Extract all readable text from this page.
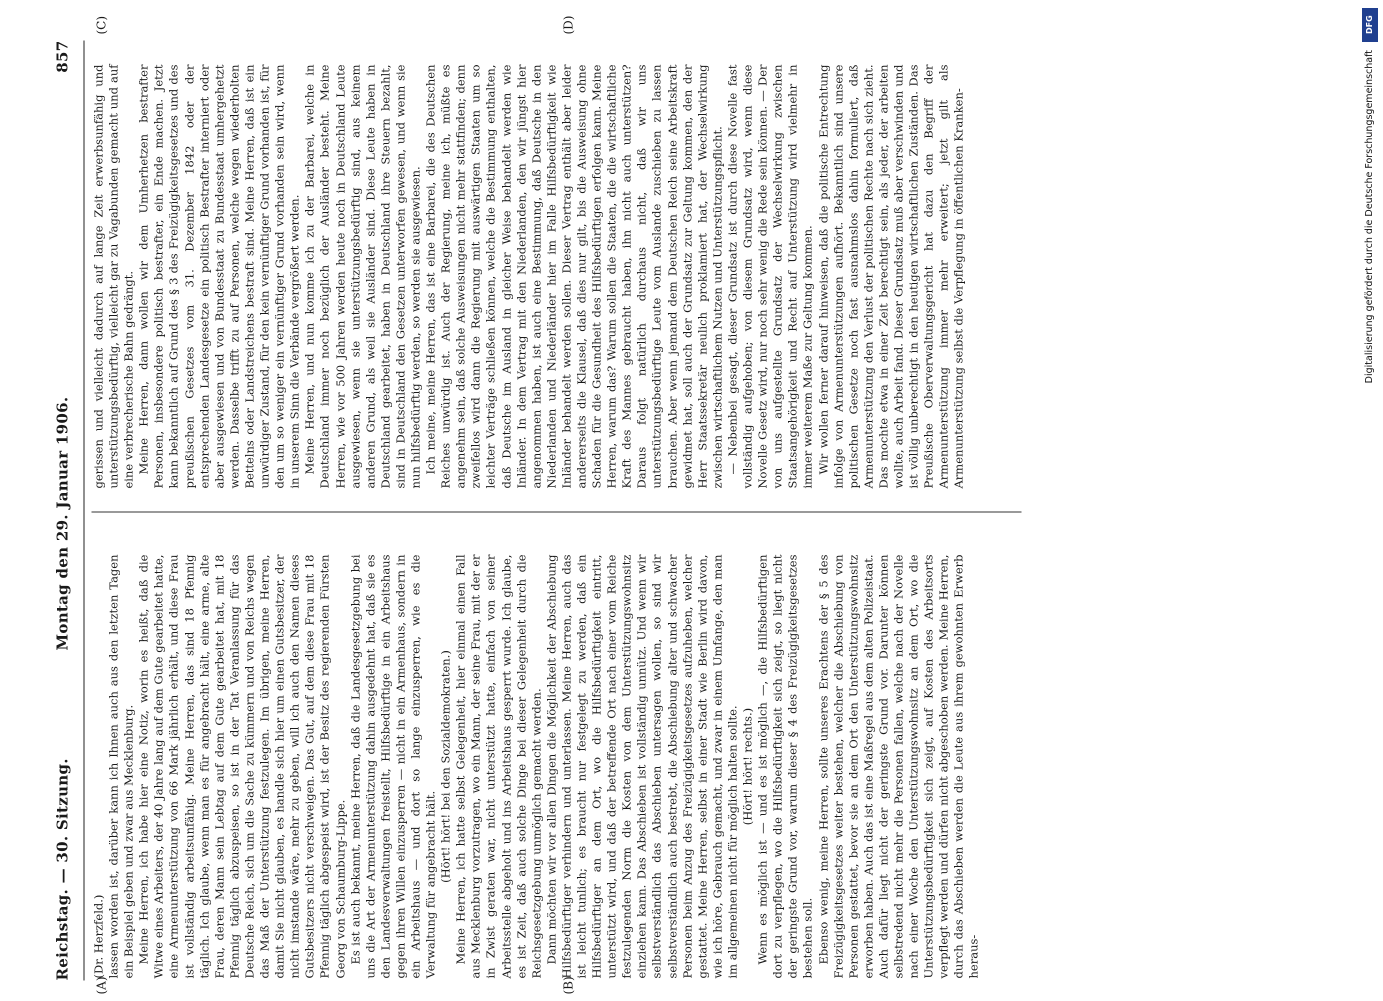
Reichstag. — 30. Sitzung.
Montag den 29. Januar 1906.
857
(A)	(B)
(C)	(D)

(Dr. Herzfeld.) lassen worden ist, darüber kann ich Ihnen auch aus den letzten Tagen ein Beispiel geben und zwar aus Mecklenburg. Meine Herren, ich habe hier eine Notiz, worin es heißt, daß die Witwe eines Arbeiters, der 40 Jahre lang auf dem Gute gearbeitet hatte, eine Armenunterstützung von 66 Mark jährlich erhält, und diese Frau ist vollständig arbeitsunfähig. Meine Herren, das sind 18 Pfennig täglich. Ich glaube, wenn man es für angebracht hält, eine arme, alte Frau, deren Mann sein Lebtag auf dem Gute gearbeitet hat, mit 18 Pfennig täglich abzuspeisen, so ist in der Tat Veranlassung für das Deutsche Reich, sich um die Sache zu kümmern und von Reichs wegen das Maß der Unterstützung festzulegen. Im übrigen, meine Herren, damit Sie nicht glauben, es handle sich hier um einen Gutsbesitzer, der nicht imstande wäre, mehr zu geben, will ich auch den Namen dieses Gutsbesitzers nicht verschweigen. Das Gut, auf dem diese Frau mit 18 Pfennig täglich abgespeist wird, ist der Besitz des regierenden Fürsten Georg von Schaumburg-Lippe. Es ist auch bekannt, meine Herren, daß die Landesgesetzgebung bei uns die Art der Armenunterstützung dahin ausgedehnt hat, daß sie es den Landesverwaltungen freistellt, Hilfsbedürftige in ein Arbeitshaus gegen ihren Willen einzusperren — nicht in ein Armenhaus, sondern in ein Arbeitshaus — und dort so lange einzusperren, wie es die Verwaltung für angebracht hält.

(Hört! hört! bei den Sozialdemokraten.) Meine Herren, ich hatte selbst Gelegenheit, hier einmal einen Fall aus Mecklenburg vorzutragen, wo ein Mann, der seine Frau, mit der er in Zwist geraten war, nicht unterstützt hatte, einfach von seiner Arbeitsstelle abgeholt und ins Arbeitshaus gesperrt wurde. Ich glaube, es ist Zeit, daß auch solche Dinge bei dieser Gelegenheit durch die Reichsgesetzgebung unmöglich gemacht werden. Dann möchten wir vor allen Dingen die Möglichkeit der Abschiebung Hilfsbedürftiger verhindern und unterlassen. Meine Herren, auch das ist leicht tunlich; es braucht nur festgelegt zu werden, daß ein Hilfsbedürftiger an dem Ort, wo die Hilfsbedürftigkeit eintritt, unterstützt wird, und daß der betreffende Ort nach einer vom Reiche festzulegenden Norm die Kosten von dem Unterstützungswohnsitz einziehen kann. Das Abschieben ist vollständig unnütz. Und wenn wir selbstverständlich das Abschieben untersagen wollen, so sind wir selbstverständlich auch bestrebt, die Abschiebung alter und schwacher Personen beim Anzug des Freizügigkeitsgesetzes aufzuheben, welcher gestattet. Meine Herren, selbst in einer Stadt wie Berlin wird davon, wie ich höre, Gebrauch gemacht, und zwar in einem Umfange, den man im allgemeinen nicht für möglich halten sollte. (Hört! hört! rechts.) Wenn es möglich ist — und es ist möglich —, die Hilfsbedürftigen dort zu verpflegen, wo die Hilfsbedürftigkeit sich zeigt, so liegt nicht der geringste Grund vor, warum dieser § 4 des Freizügigkeitsgesetzes bestehen soll. Ebenso wenig, meine Herren, sollte unseres Erachtens der § 5 des Freizügigkeitsgesetzes weiter bestehen, welcher die Abschiebung von Personen gestattet, bevor sie an dem Ort den Unterstützungswohnsitz erworben haben. Auch das ist eine Maßregel aus dem alten Polizeistaat. Auch dafür liegt nicht der geringste Grund vor. Darunter können selbstredend nicht mehr die Personen fallen, welche nach der Novelle nach einer Woche den Unterstützungswohnsitz an dem Ort, wo die Unterstützungsbedürftigkeit sich zeigt, auf Kosten des Arbeitsorts verpflegt werden und dürfen nicht abgeschoben werden. Meine Herren, durch das Abschieben werden die Leute aus ihrem gewohnten Erwerb heraus-

gerissen und vielleicht dadurch auf lange Zeit erwerbsunfähig und unterstützungsbedürftig, vielleicht gar zu Vagabunden gemacht und auf eine verbrecherische Bahn gedrängt. Meine Herren, dann wollen wir dem Umherhetzen bestrafter Personen, insbesondere politisch bestrafter, ein Ende machen. Jetzt kann bekanntlich auf Grund des § 3 des Freizügigkeitsgesetzes und des preußischen Gesetzes vom 31. Dezember 1842 oder der entsprechenden Landesgesetze ein politisch Bestrafter interniert oder aber ausgewiesen und von Bundesstaat zu Bundesstaat umhergehetzt werden. Dasselbe trifft zu auf Personen, welche wegen wiederholten Bettelns oder Landstreichens bestraft sind. Meine Herren, daß ist ein unwürdiger Zustand, für den kein vernünftiger Grund vorhanden ist, für den um so weniger ein vernünftiger Grund vorhanden sein wird, wenn in unserem Sinn die Verbände vergrößert werden. Meine Herren, und nun komme ich zu der Barbarei, welche in Deutschland immer noch bezüglich der Ausländer besteht. Meine Herren, wie vor 500 Jahren werden heute noch in Deutschland Leute ausgewiesen, wenn sie unterstützungsbedürftig sind, aus keinem anderen Grund, als weil sie Ausländer sind. Diese Leute haben in Deutschland gearbeitet, haben in Deutschland ihre Steuern bezahlt, sind in Deutschland den Gesetzen unterworfen gewesen, und wenn sie nun hilfsbedürftig werden, so werden sie ausgewiesen. Ich meine, meine Herren, das ist eine Barbarei, die des Deutschen Reiches unwürdig ist. Auch der Regierung, meine ich, müßte es angenehm sein, daß solche Ausweisungen nicht mehr stattfinden; denn zweifellos wird dann die Regierung mit auswärtigen Staaten um so leichter Verträge schließen können, welche die Bestimmung enthalten, daß Deutsche im Ausland in gleicher Weise behandelt werden wie Inländer. In dem Vertrag mit den Niederlanden, den wir jüngst hier angenommen haben, ist auch eine Bestimmung, daß Deutsche in den Niederlanden und Niederländer hier im Falle Hilfsbedürftigkeit wie Inländer behandelt werden sollen. Dieser Vertrag enthält aber leider andererseits die Klausel, daß dies nur gilt, bis die Ausweisung ohne Schaden für die Gesundheit des Hilfsbedürftigen erfolgen kann. Meine Herren, warum das? Warum sollen die Staaten, die die wirtschaftliche Kraft des Mannes gebraucht haben, ihn nicht auch unterstützen? Daraus folgt natürlich durchaus nicht, daß wir uns unterstützungsbedürftige Leute vom Auslande zuschieben zu lassen brauchen. Aber wenn jemand dem Deutschen Reich seine Arbeitskraft gewidmet hat, soll auch der Grundsatz zur Geltung kommen, den der Herr Staatssekretär neulich proklamiert hat, der Wechselwirkung zwischen wirtschaftlichem Nutzen und Unterstützungspflicht. — Nebenbei gesagt, dieser Grundsatz ist durch diese Novelle fast vollständig aufgehoben; von diesem Grundsatz wird, wenn diese Novelle Gesetz wird, nur noch sehr wenig die Rede sein können. — Der von uns aufgestellte Grundsatz der Wechselwirkung zwischen Staatsangehörigkeit und Recht auf Unterstützung wird vielmehr in immer weiterem Maße zur Geltung kommen. Wir wollen ferner darauf hinweisen, daß die politische Entrechtung infolge von Armenunterstützungen aufhört. Bekanntlich sind unsere politischen Gesetze noch fast ausnahmslos dahin formuliert, daß Armenunterstützung den Verlust der politischen Rechte nach sich zieht. Das mochte etwa in einer Zeit berechtigt sein, als jeder, der arbeiten wollte, auch Arbeit fand. Dieser Grundsatz muß aber verschwinden und ist völlig unberechtigt in den heutigen wirtschaftlichen Zuständen. Das Preußische Oberverwaltungsgericht hat dazu den Begriff der Armenunterstützung immer mehr erweitert; jetzt gilt als Armenunterstützung selbst die Verpflegung in öffentlichen Kranken-

DFG
Digitalisierung gefördert durch die Deutsche Forschungsgemeinschaft
